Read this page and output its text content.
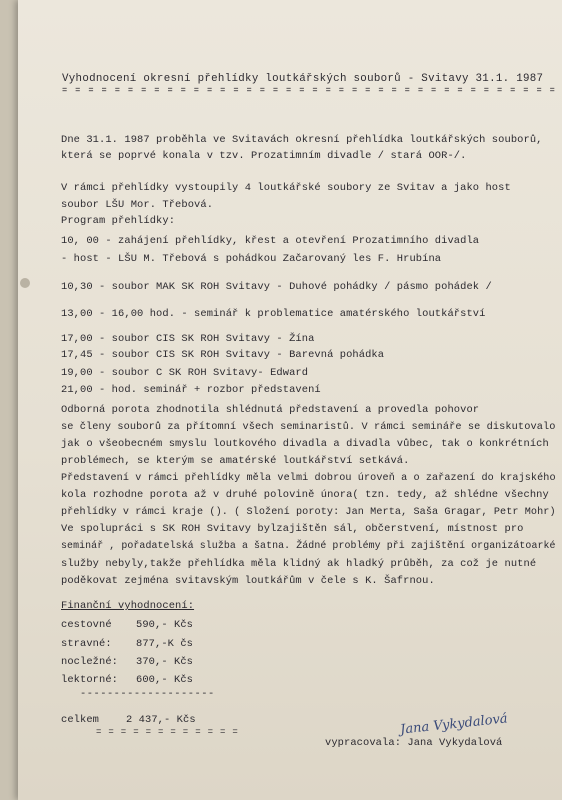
Vyhodnocení okresní přehlídky loutkářských souborů - Svitavy 31.1. 1987
= = = = = = = = = = = = = = = = = = = = = = = = = = = = = = = = = = = = = =
Dne 31.1. 1987 proběhla ve Svitavách okresní přehlídka loutkářských souborů,
která se poprvé konala v tzv. Prozatimním divadle / stará OOR-/.
V rámci přehlídky vystoupily 4 loutkářské soubory ze Svitav a jako host
soubor LŠU Mor. Třebová.
Program přehlídky:
10, 00 - zahájení přehlídky, křest a otevření Prozatimního divadla
- host - LŠU M. Třebová s pohádkou Začarovaný les F. Hrubína
10,30 - soubor MAK SK ROH Svitavy - Duhové pohádky / pásmo pohádek /
13,00 - 16,00 hod. - seminář k problematice amatérského loutkářství
17,00 - soubor CIS SK ROH Svitavy - Žína
17,45 - soubor CIS SK ROH Svitavy - Barevná pohádka
19,00 - soubor C SK ROH Svitavy- Edward
21,00 - hod. seminář + rozbor představení
Odborná porota zhodnotila shlédnutá představení a provedla pohovor
se členy souborů za přítomní všech seminaristů. V rámci semináře se diskutovalo
jak o všeobecném smyslu loutkového divadla a divadla vůbec, tak o konkrétních
problémech, se kterým se amatérské loutkářství setkává.
Představení v rámci přehlídky měla velmi dobrou úroveň a o zařazení do krajského
kola rozhodne porota až v druhé polovině února( tzn. tedy, až shlédne všechny
přehlídky v rámci kraje (). ( Složení poroty: Jan Merta, Saša Gragar, Petr Mohr)
Ve spolupráci s SK ROH Svitavy bylzajištěn sál, občerstvení, místnost pro
seminář , pořadatelská služba a šatna. Žádné problémy při zajištění organizátoarké
služby nebyly,takže přehlídka měla klidný ak hladký průběh, za což je nutné
poděkovat zejména svitavským loutkářům v čele s K. Šafrnou.
Finanční vyhodnocení:
cestovné 590,- Kčs
stravné: 877,-K čs
nocležné: 370,- Kčs
lektorné: 600,- Kčs
--------------------
celkem	2 437,- Kčs
= = = = = = = = = = = =	Jana Vykydalová
vypracovala: Jana Vykydalová
